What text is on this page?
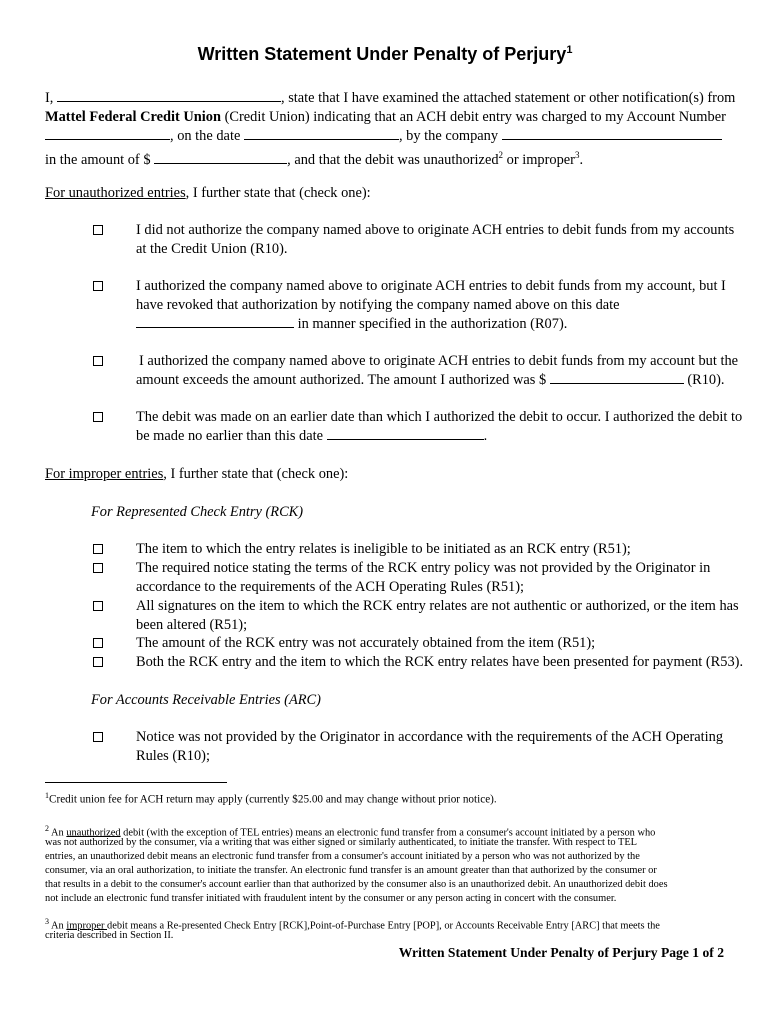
Written Statement Under Penalty of Perjury$^1$
I,	, state that I have examined the attached statement or other notification(s) from
Mattel Federal Credit Union (Credit Union) indicating that an ACH debit entry was charged to my Account Number
, on the date	, by the company
in the amount of $	, and that the debit was unauthorized$^2$ or improper$^3$.
For unauthorized entries, I further state that (check one):
I did not authorize the company named above to originate ACH entries to debit funds from my accounts
at the Credit Union (R10).
I authorized the company named above to originate ACH entries to debit funds from my account, but I
have revoked that authorization by notifying the company named above on this date
in manner specified in the authorization (R07).
I authorized the company named above to originate ACH entries to debit funds from my account but the
amount exceeds the amount authorized. The amount I authorized was $	(R10).
The debit was made on an earlier date than which I authorized the debit to occur. I authorized the debit to
be made no earlier than this date	.
For improper entries, I further state that (check one):
For Represented Check Entry (RCK)
The item to which the entry relates is ineligible to be initiated as an RCK entry (R51);
The required notice stating the terms of the RCK entry policy was not provided by the Originator in
accordance to the requirements of the ACH Operating Rules (R51);
All signatures on the item to which the RCK entry relates are not authentic or authorized, or the item has
been altered (R51);
The amount of the RCK entry was not accurately obtained from the item (R51);
Both the RCK entry and the item to which the RCK entry relates have been presented for payment (R53).
For Accounts Receivable Entries (ARC)
Notice was not provided by the Originator in accordance with the requirements of the ACH Operating
Rules (R10);
$^1$Credit union fee for ACH return may apply (currently $25.00 and may change without prior notice).
$^2$ An unauthorized debit (with the exception of TEL entries) means an electronic fund transfer from a consumer's account initiated by a person who
was not authorized by the consumer, via a writing that was either signed or similarly authenticated, to initiate the transfer. With respect to TEL
entries, an unauthorized debit means an electronic fund transfer from a consumer's account initiated by a person who was not authorized by the
consumer, via an oral authorization, to initiate the transfer. An electronic fund transfer is an amount greater than that authorized by the consumer or
that results in a debit to the consumer's account earlier than that authorized by the consumer also is an unauthorized debit. An unauthorized debit does
not include an electronic fund transfer initiated with fraudulent intent by the consumer or any person acting in concert with the consumer.
$^3$ An improper debit means a Re-presented Check Entry [RCK],Point-of-Purchase Entry [POP], or Accounts Receivable Entry [ARC] that meets the
criteria described in Section II.
Written Statement Under Penalty of Perjury Page 1 of 2
